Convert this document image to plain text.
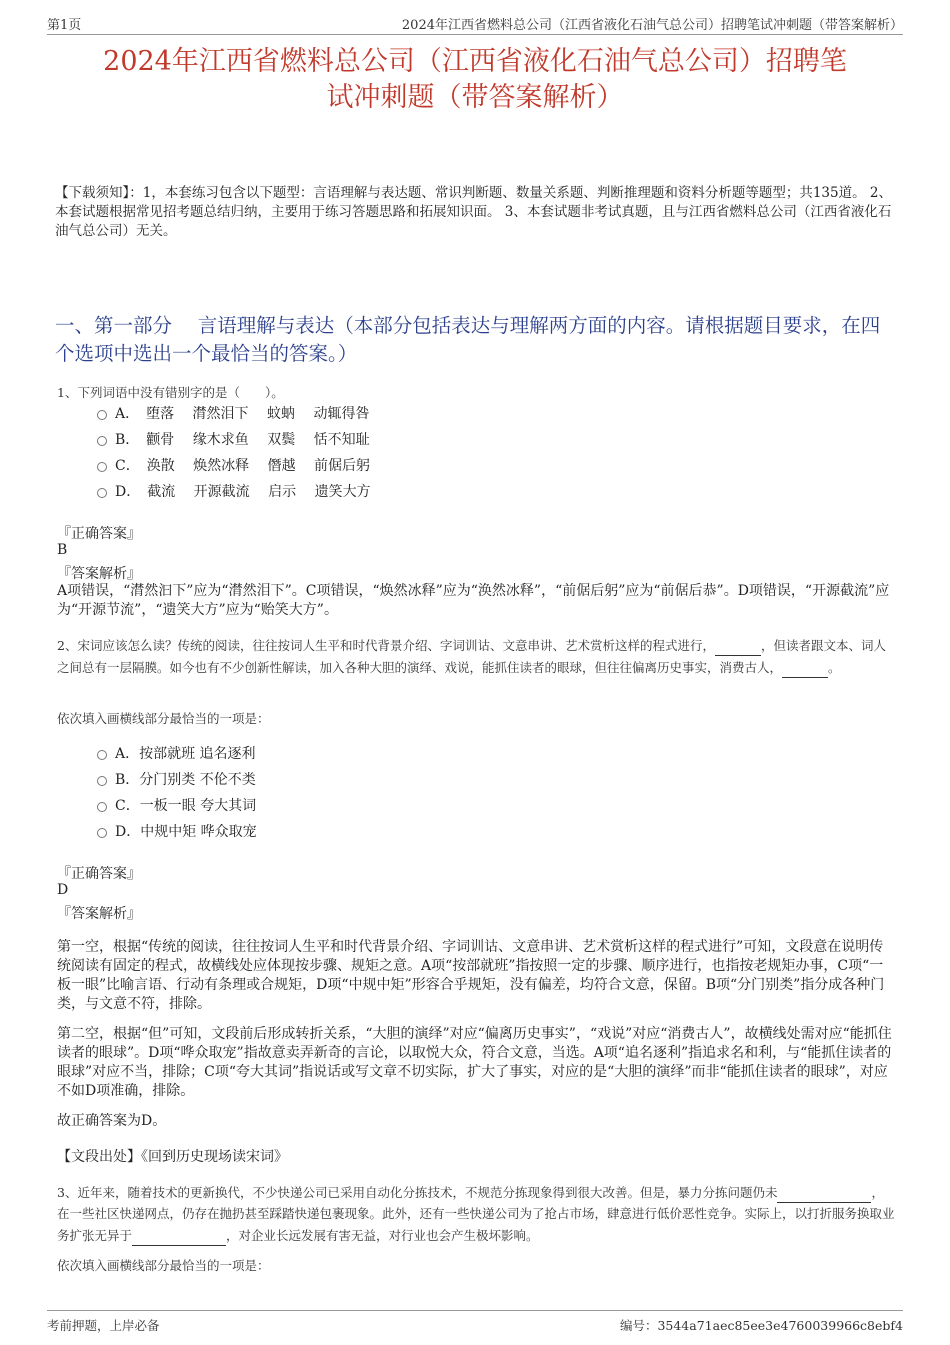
第1页	2024年江西省燃料总公司（江西省液化石油气总公司）招聘笔试冲刺题（带答案解析）
2024年江西省燃料总公司（江西省液化石油气总公司）招聘笔
试冲刺题（带答案解析）
【下载须知】：1，本套练习包含以下题型：言语理解与表达题、常识判断题、数量关系题、判断推理题和资料分析题等题型；共135道。 2、本套试题根据常见招考题总结归纳，主要用于练习答题思路和拓展知识面。 3、本套试题非考试真题，且与江西省燃料总公司（江西省液化石油气总公司）无关。
一、第一部分　 言语理解与表达（本部分包括表达与理解两方面的内容。请根据题目要求，在四个选项中选出一个最恰当的答案。）
1、下列词语中没有错别字的是（　　）。
A．　堕落　 潸然泪下　 蚊蚋　 动辄得咎
B．　颧骨　 缘木求鱼　 双鬓　 恬不知耻
C．　涣散　 焕然冰释　 僭越　 前倨后躬
D．　截流　 开源截流　 启示　 遗笑大方
『正确答案』
B
『答案解析』
A项错误，“潸然汩下”应为“潸然泪下”。C项错误，“焕然冰释”应为“涣然冰释”，“前倨后躬”应为“前倨后恭”。D项错误，“开源截流”应为“开源节流”，“遗笑大方”应为“贻笑大方”。
2、宋词应该怎么读？传统的阅读，往往按词人生平和时代背景介绍、字词训诂、文意串讲、艺术赏析这样的程式进行，	，但读者跟文本、词人之间总有一层隔膜。如今也有不少创新性解读，加入各种大胆的演绎、戏说，能抓住读者的眼球，但往往偏离历史事实，消费古人，	。
依次填入画横线部分最恰当的一项是：
A．按部就班 追名逐利
B．分门别类 不伦不类
C．一板一眼 夸大其词
D．中规中矩 哗众取宠
『正确答案』
D
『答案解析』
第一空，根据“传统的阅读，往往按词人生平和时代背景介绍、字词训诂、文意串讲、艺术赏析这样的程式进行”可知，文段意在说明传统阅读有固定的程式，故横线处应体现按步骤、规矩之意。A项“按部就班”指按照一定的步骤、顺序进行，也指按老规矩办事，C项“一板一眼”比喻言语、行动有条理或合规矩，D项“中规中矩”形容合乎规矩，没有偏差，均符合文意，保留。B项“分门别类”指分成各种门类，与文意不符，排除。
第二空，根据“但”可知，文段前后形成转折关系，“大胆的演绎”对应“偏离历史事实”，“戏说”对应“消费古人”，故横线处需对应“能抓住读者的眼球”。D项“哗众取宠”指故意卖弄新奇的言论，以取悦大众，符合文意，当选。A项“追名逐利”指追求名和利，与“能抓住读者的眼球”对应不当，排除；C项“夸大其词”指说话或写文章不切实际，扩大了事实，对应的是“大胆的演绎”而非“能抓住读者的眼球”，对应不如D项准确，排除。
故正确答案为D。
【文段出处】《回到历史现场读宋词》
3、近年来，随着技术的更新换代，不少快递公司已采用自动化分拣技术，不规范分拣现象得到很大改善。但是，暴力分拣问题仍未	，在一些社区快递网点，仍存在抛扔甚至踩踏快递包裹现象。此外，还有一些快递公司为了抢占市场，肆意进行低价恶性竞争。实际上，以打折服务换取业务扩张无异于	，对企业长远发展有害无益，对行业也会产生极坏影响。
依次填入画横线部分最恰当的一项是：
考前押题，上岸必备	编号：3544a71aec85ee3e4760039966c8ebf4
